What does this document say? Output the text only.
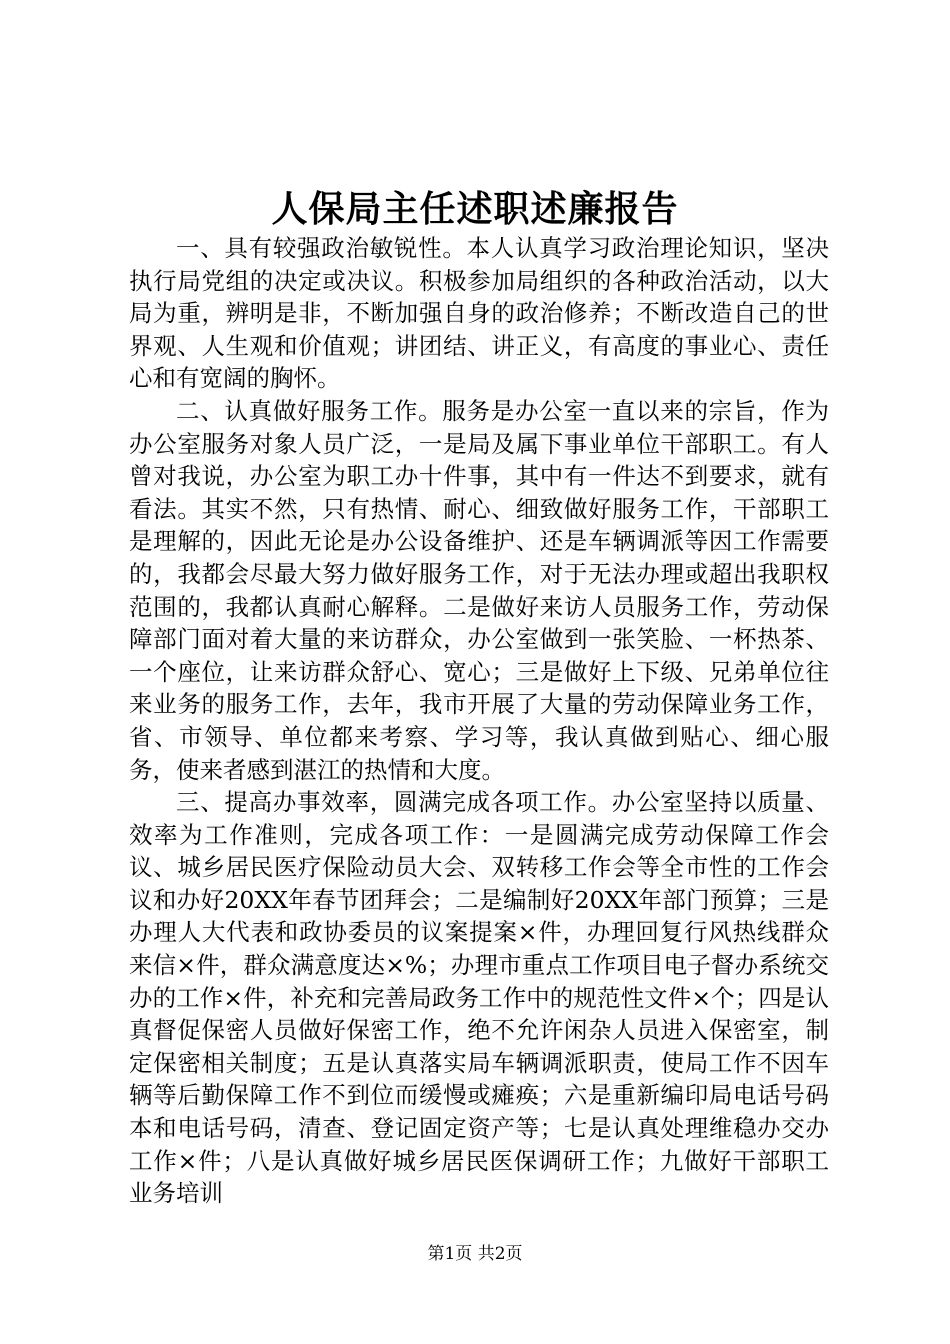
人保局主任述职述廉报告

一、具有较强政治敏锐性。本人认真学习政治理论知识，坚决执行局党组的决定或决议。积极参加局组织的各种政治活动，以大局为重，辨明是非，不断加强自身的政治修养；不断改造自己的世界观、人生观和价值观；讲团结、讲正义，有高度的事业心、责任心和有宽阔的胸怀。

二、认真做好服务工作。服务是办公室一直以来的宗旨，作为办公室服务对象人员广泛，一是局及属下事业单位干部职工。有人曾对我说，办公室为职工办十件事，其中有一件达不到要求，就有看法。其实不然，只有热情、耐心、细致做好服务工作，干部职工是理解的，因此无论是办公设备维护、还是车辆调派等因工作需要的，我都会尽最大努力做好服务工作，对于无法办理或超出我职权范围的，我都认真耐心解释。二是做好来访人员服务工作，劳动保障部门面对着大量的来访群众，办公室做到一张笑脸、一杯热茶、一个座位，让来访群众舒心、宽心；三是做好上下级、兄弟单位往来业务的服务工作，去年，我市开展了大量的劳动保障业务工作，省、市领导、单位都来考察、学习等，我认真做到贴心、细心服务，使来者感到湛江的热情和大度。

三、提高办事效率，圆满完成各项工作。办公室坚持以质量、效率为工作准则，完成各项工作：一是圆满完成劳动保障工作会议、城乡居民医疗保险动员大会、双转移工作会等全市性的工作会议和办好20XX年春节团拜会；二是编制好20XX年部门预算；三是办理人大代表和政协委员的议案提案×件，办理回复行风热线群众来信×件，群众满意度达×%；办理市重点工作项目电子督办系统交办的工作×件，补充和完善局政务工作中的规范性文件×个；四是认真督促保密人员做好保密工作，绝不允许闲杂人员进入保密室，制定保密相关制度；五是认真落实局车辆调派职责，使局工作不因车辆等后勤保障工作不到位而缓慢或瘫痪；六是重新编印局电话号码本和电话号码，清查、登记固定资产等；七是认真处理维稳办交办工作×件；八是认真做好城乡居民医保调研工作；九做好干部职工业务培训

第1页 共2页
